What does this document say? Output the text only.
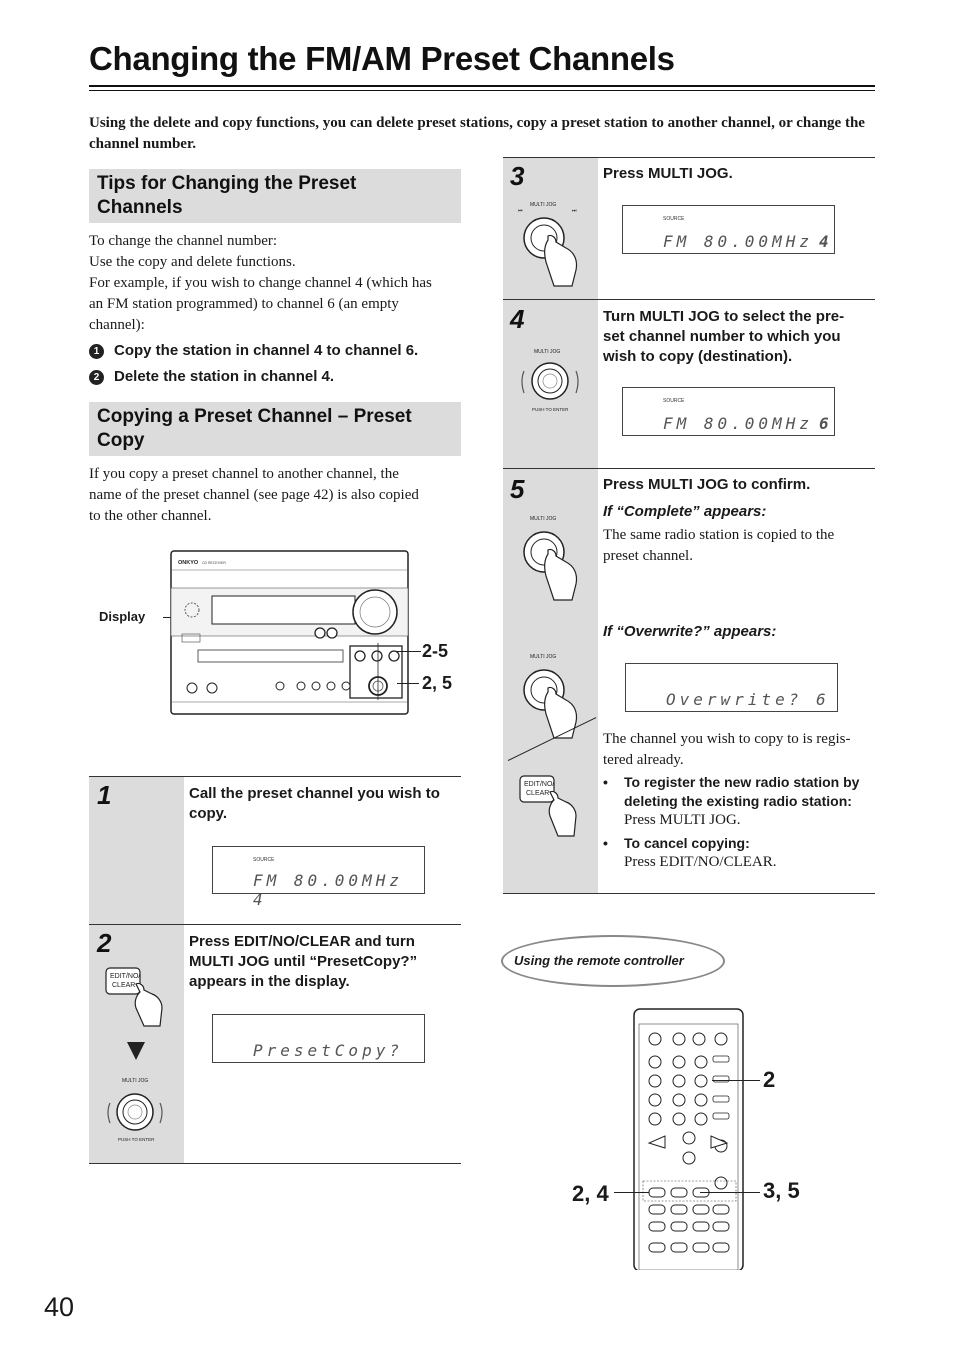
Changing the FM/AM Preset Channels
Using the delete and copy functions, you can delete preset stations, copy a preset station to another channel, or change the channel number.
Tips for Changing the Preset
Channels
To change the channel number:
Use the copy and delete functions.
For example, if you wish to change channel 4 (which has
an FM station programmed) to channel 6 (an empty
channel):
1 Copy the station in channel 4 to channel 6.
2 Delete the station in channel 4.
Copying a Preset Channel – Preset
Copy
If you copy a preset channel to another channel, the
name of the preset channel (see page 42) is also copied
to the other channel.
Display
ONKYO CD RECEIVER
2-5
2, 5
1	Call the preset channel you wish to
copy.
SOURCE
FM 80.00MHz 4
2	Press EDIT/NO/CLEAR and turn
MULTI JOG until “PresetCopy?”
appears in the display.
PresetCopy?
EDIT/NO/
CLEAR
MULTI JOG
PUSH TO ENTER
3	Press MULTI JOG.
MULTI JOG
⏮	⏭
SOURCE
FM 80.00MHz 4
4	Turn MULTI JOG to select the pre-
set channel number to which you
wish to copy (destination).
MULTI JOG
PUSH TO ENTER
SOURCE
FM 80.00MHz 6
5	Press MULTI JOG to confirm.
If “Complete” appears:
The same radio station is copied to the
preset channel.
MULTI JOG
If “Overwrite?” appears:
Overwrite? 6
MULTI JOG
EDIT/NO/
CLEAR
The channel you wish to copy to is regis-
tered already.
• To register the new radio station by
deleting the existing radio station:
Press MULTI JOG.
• To cancel copying:
Press EDIT/NO/CLEAR.
Using the remote controller
2
2, 4	3, 5
40
